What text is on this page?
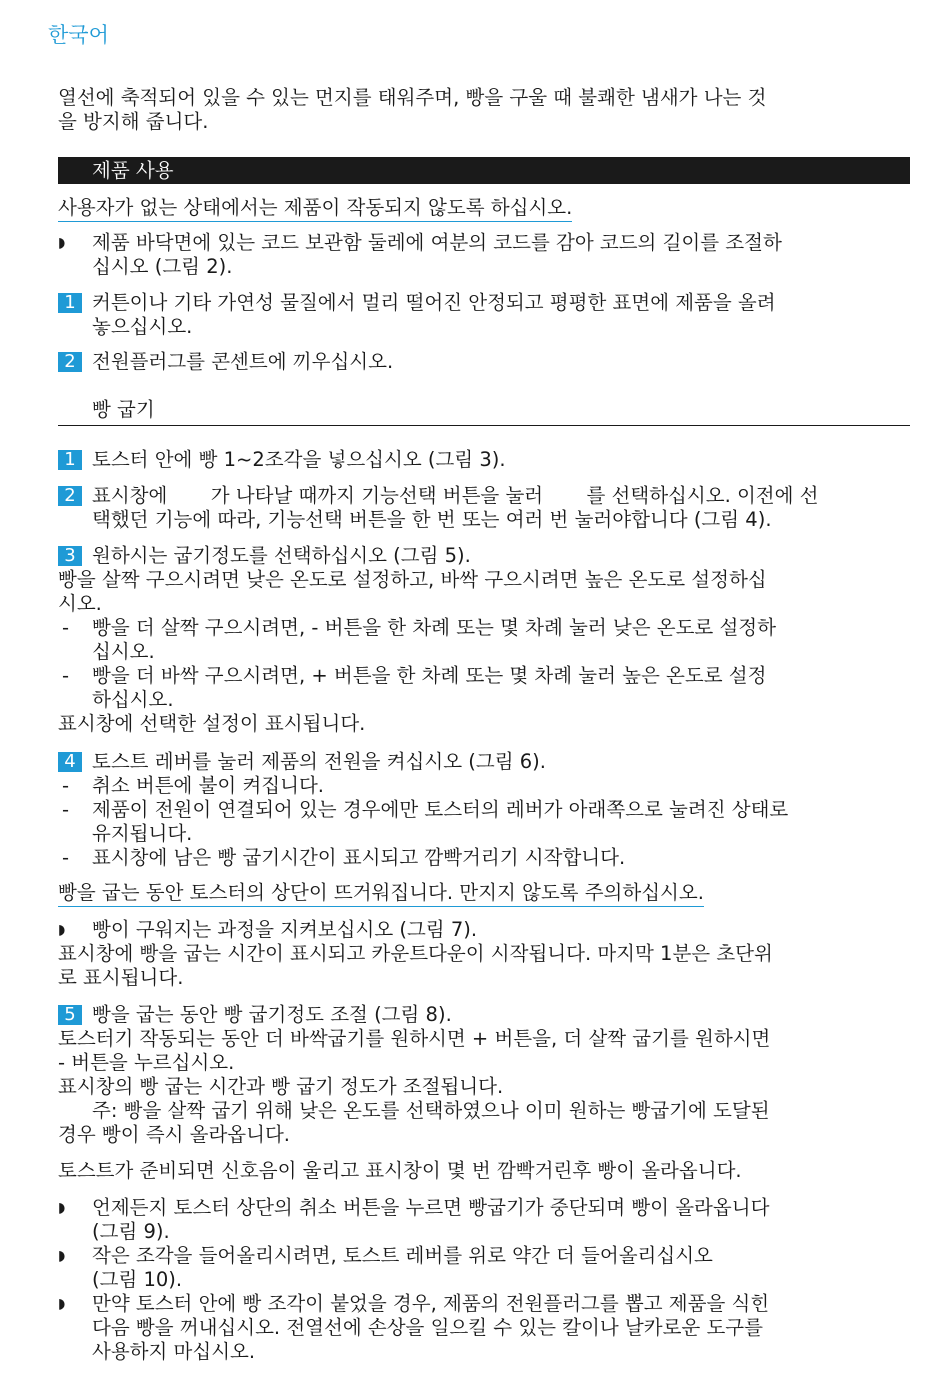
한국어

열선에 축적되어 있을 수 있는 먼지를 태워주며, 빵을 구울 때 불쾌한 냄새가 나는 것

을 방지해 줍니다.

제품 사용
사용자가 없는 상태에서는 제품이 작동되지 않도록 하십시오.
◗ 제품 바닥면에 있는 코드 보관함 둘레에 여분의 코드를 감아 코드의 길이를 조절하

십시오 (그림 2).

1 커튼이나 기타 가연성 물질에서 멀리 떨어진 안정되고 평평한 표면에 제품을 올려

놓으십시오.

2 전원플러그를 콘센트에 끼우십시오.

빵 굽기
1 토스터 안에 빵 1~2조각을 넣으십시오 (그림 3).

2 표시창에       가 나타날 때까지 기능선택 버튼을 눌러       를 선택하십시오. 이전에 선

택했던 기능에 따라, 기능선택 버튼을 한 번 또는 여러 번 눌러야합니다 (그림 4).

3 원하시는 굽기정도를 선택하십시오 (그림 5).

빵을 살짝 구으시려면 낮은 온도로 설정하고, 바싹 구으시려면 높은 온도로 설정하십

시오.

- 빵을 더 살짝 구으시려면, - 버튼을 한 차례 또는 몇 차례 눌러 낮은 온도로 설정하

십시오.

- 빵을 더 바싹 구으시려면, + 버튼을 한 차례 또는 몇 차례 눌러 높은 온도로 설정

하십시오.

표시창에 선택한 설정이 표시됩니다.

4 토스트 레버를 눌러 제품의 전원을 켜십시오 (그림 6).

- 취소 버튼에 불이 켜집니다.

- 제품이 전원이 연결되어 있는 경우에만 토스터의 레버가 아래쪽으로 눌려진 상태로

유지됩니다.

- 표시창에 남은 빵 굽기시간이 표시되고 깜빡거리기 시작합니다.

빵을 굽는 동안 토스터의 상단이 뜨거워집니다. 만지지 않도록 주의하십시오.
◗ 빵이 구워지는 과정을 지켜보십시오 (그림 7).

표시창에 빵을 굽는 시간이 표시되고 카운트다운이 시작됩니다. 마지막 1분은 초단위

로 표시됩니다.

5 빵을 굽는 동안 빵 굽기정도 조절 (그림 8).

토스터기 작동되는 동안 더 바싹굽기를 원하시면 + 버튼을, 더 살짝 굽기를 원하시면

- 버튼을 누르십시오.

표시창의 빵 굽는 시간과 빵 굽기 정도가 조절됩니다.

주: 빵을 살짝 굽기 위해 낮은 온도를 선택하였으나 이미 원하는 빵굽기에 도달된

경우 빵이 즉시 올라옵니다.

토스트가 준비되면 신호음이 울리고 표시창이 몇 번 깜빡거린후 빵이 올라옵니다.

◗ 언제든지 토스터 상단의 취소 버튼을 누르면 빵굽기가 중단되며 빵이 올라옵니다

(그림 9).

◗ 작은 조각을 들어올리시려면, 토스트 레버를 위로 약간 더 들어올리십시오

(그림 10).

◗ 만약 토스터 안에 빵 조각이 붙었을 경우, 제품의 전원플러그를 뽑고 제품을 식힌

다음 빵을 꺼내십시오. 전열선에 손상을 일으킬 수 있는 칼이나 날카로운 도구를

사용하지 마십시오.
